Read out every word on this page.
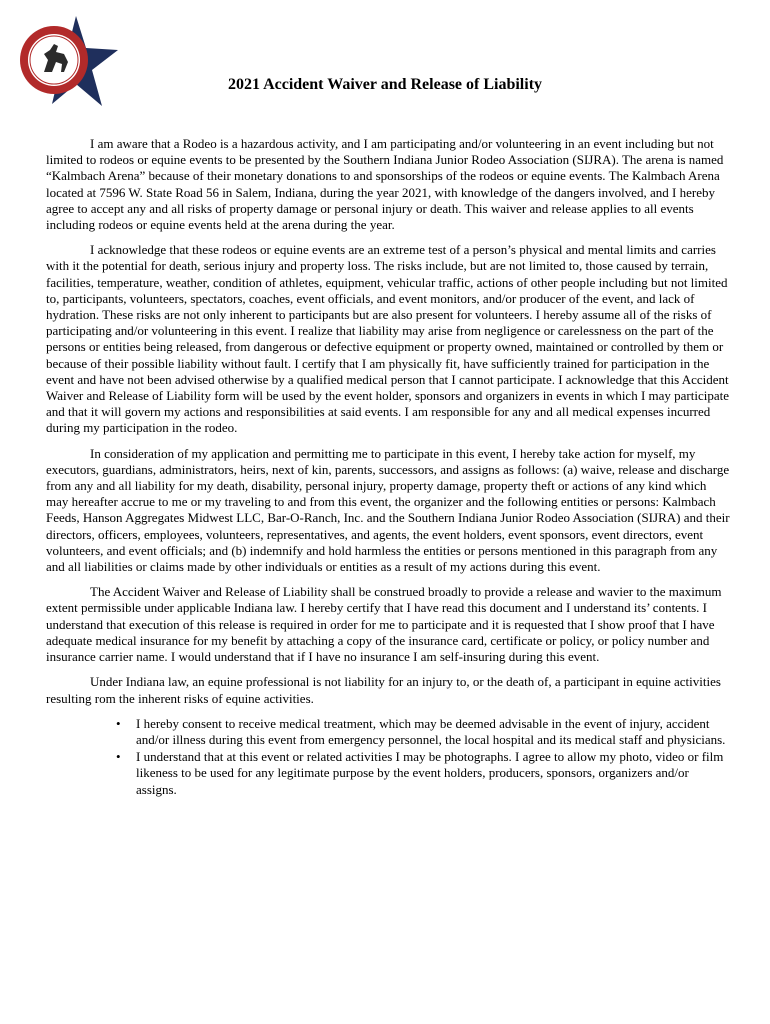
2021 Accident Waiver and Release of Liability

I am aware that a Rodeo is a hazardous activity, and I am participating and/or volunteering in an event including but not limited to rodeos or equine events to be presented by the Southern Indiana Junior Rodeo Association (SIJRA). The arena is named “Kalmbach Arena” because of their monetary donations to and sponsorships of the rodeos or equine events. The Kalmbach Arena located at 7596 W. State Road 56 in Salem, Indiana, during the year 2021, with knowledge of the dangers involved, and I hereby agree to accept any and all risks of property damage or personal injury or death. This waiver and release applies to all events including rodeos or equine events held at the arena during the year.

I acknowledge that these rodeos or equine events are an extreme test of a person’s physical and mental limits and carries with it the potential for death, serious injury and property loss. The risks include, but are not limited to, those caused by terrain, facilities, temperature, weather, condition of athletes, equipment, vehicular traffic, actions of other people including but not limited to, participants, volunteers, spectators, coaches, event officials, and event monitors, and/or producer of the event, and lack of hydration. These risks are not only inherent to participants but are also present for volunteers. I hereby assume all of the risks of participating and/or volunteering in this event. I realize that liability may arise from negligence or carelessness on the part of the persons or entities being released, from dangerous or defective equipment or property owned, maintained or controlled by them or because of their possible liability without fault. I certify that I am physically fit, have sufficiently trained for participation in the event and have not been advised otherwise by a qualified medical person that I cannot participate. I acknowledge that this Accident Waiver and Release of Liability form will be used by the event holder, sponsors and organizers in events in which I may participate and that it will govern my actions and responsibilities at said events. I am responsible for any and all medical expenses incurred during my participation in the rodeo.

In consideration of my application and permitting me to participate in this event, I hereby take action for myself, my executors, guardians, administrators, heirs, next of kin, parents, successors, and assigns as follows: (a) waive, release and discharge from any and all liability for my death, disability, personal injury, property damage, property theft or actions of any kind which may hereafter accrue to me or my traveling to and from this event, the organizer and the following entities or persons: Kalmbach Feeds, Hanson Aggregates Midwest LLC, Bar-O-Ranch, Inc. and the Southern Indiana Junior Rodeo Association (SIJRA) and their directors, officers, employees, volunteers, representatives, and agents, the event holders, event sponsors, event directors, event volunteers, and event officials; and (b) indemnify and hold harmless the entities or persons mentioned in this paragraph from any and all liabilities or claims made by other individuals or entities as a result of my actions during this event.

The Accident Waiver and Release of Liability shall be construed broadly to provide a release and wavier to the maximum extent permissible under applicable Indiana law. I hereby certify that I have read this document and I understand its’ contents. I understand that execution of this release is required in order for me to participate and it is requested that I show proof that I have adequate medical insurance for my benefit by attaching a copy of the insurance card, certificate or policy, or policy number and insurance carrier name. I would understand that if I have no insurance I am self-insuring during this event.

Under Indiana law, an equine professional is not liability for an injury to, or the death of, a participant in equine activities resulting rom the inherent risks of equine activities.

• I hereby consent to receive medical treatment, which may be deemed advisable in the event of injury, accident and/or illness during this event from emergency personnel, the local hospital and its medical staff and physicians.
• I understand that at this event or related activities I may be photographs. I agree to allow my photo, video or film likeness to be used for any legitimate purpose by the event holders, producers, sponsors, organizers and/or assigns.
